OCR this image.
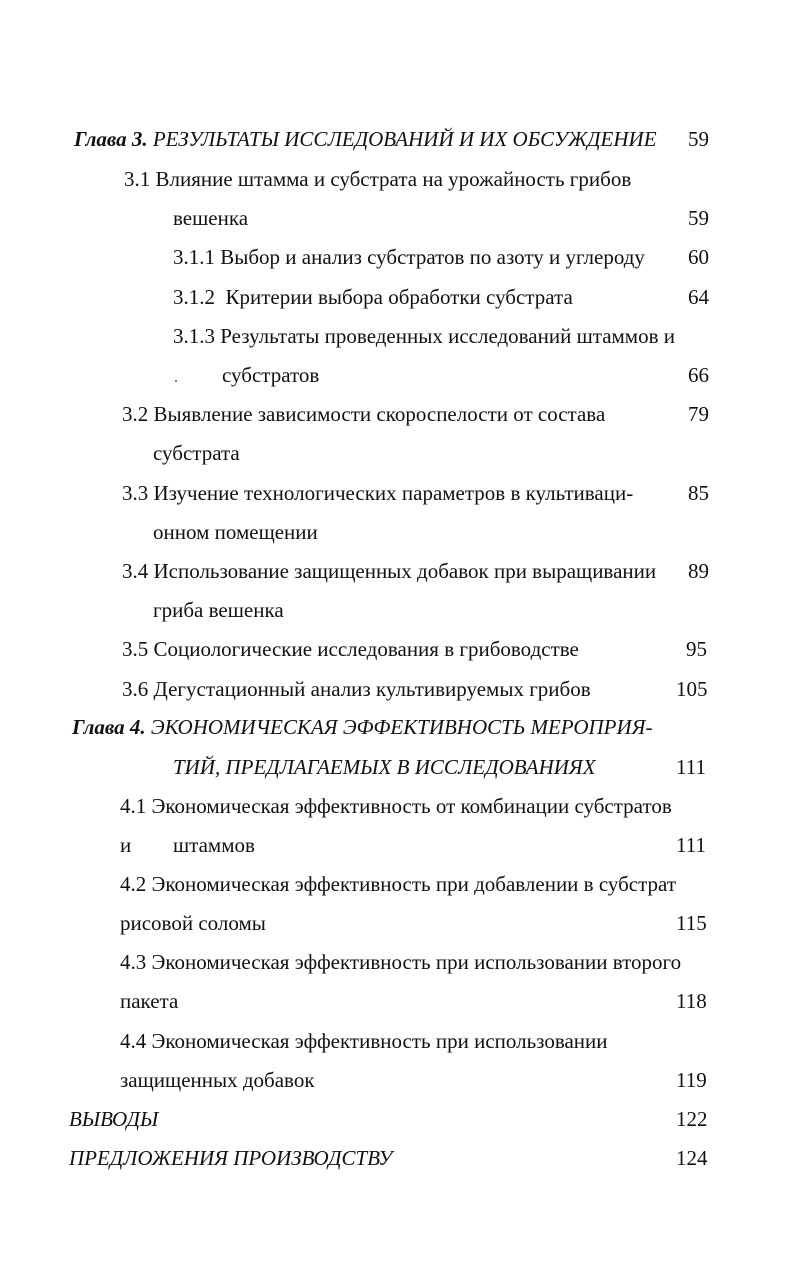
Глава 3. РЕЗУЛЬТАТЫ ИССЛЕДОВАНИЙ И ИХ ОБСУЖДЕНИЕ 59
3.1 Влияние штамма и субстрата на урожайность грибов
вешенка	59
3.1.1 Выбор и анализ субстратов по азоту и углероду 60
3.1.2  Критерии выбора обработки субстрата	64
3.1.3 Результаты проведенных исследований штаммов и
субстратов	66
3.2 Выявление зависимости скороспелости от состава	79
субстрата
3.3 Изучение технологических параметров в культиваци-	85
онном помещении
3.4 Использование защищенных добавок при выращивании 89
гриба вешенка
3.5 Социологические исследования в грибоводстве	95
3.6 Дегустационный анализ культивируемых грибов	105
Глава 4. ЭКОНОМИЧЕСКАЯ ЭФФЕКТИВНОСТЬ МЕРОПРИЯ-
ТИЙ, ПРЕДЛАГАЕМЫХ В ИССЛЕДОВАНИЯХ	111
4.1 Экономическая эффективность от комбинации субстратов
и штаммов	111
4.2 Экономическая эффективность при добавлении в субстрат
рисовой соломы	115
4.3 Экономическая эффективность при использовании второго
пакета	118
4.4 Экономическая эффективность при использовании
защищенных добавок	119
ВЫВОДЫ	122
ПРЕДЛОЖЕНИЯ ПРОИЗВОДСТВУ	124
